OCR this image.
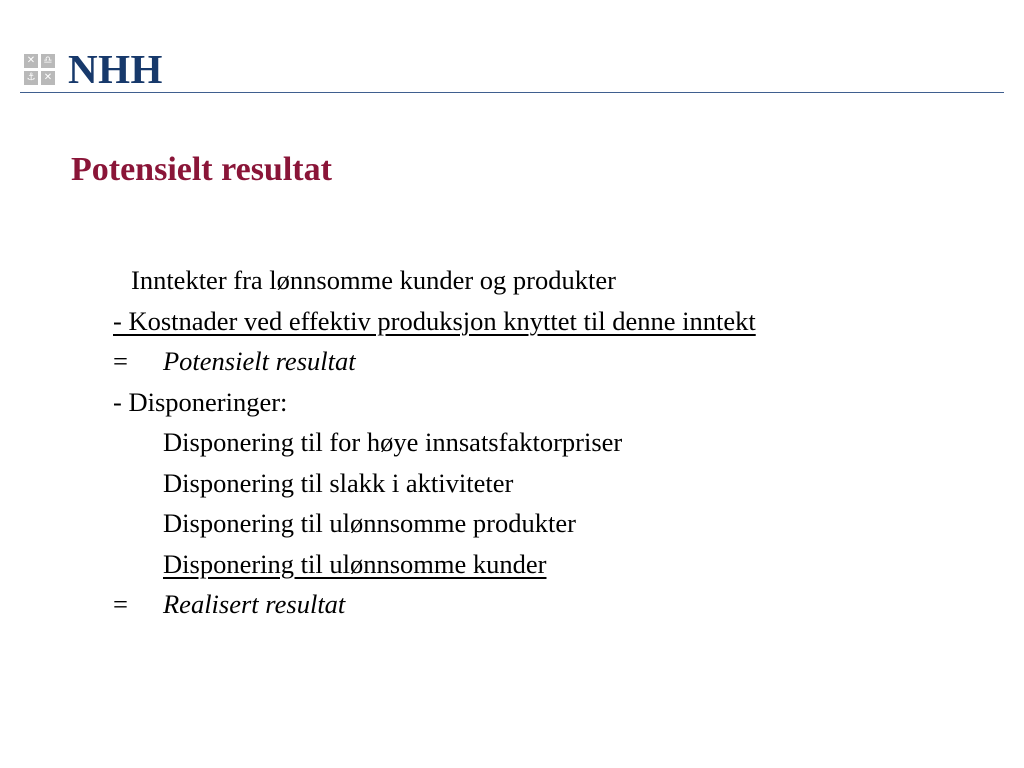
✕ ♎
⚓ ✕ NHH
Potensielt resultat
Inntekter fra lønnsomme kunder og produkter
- Kostnader ved effektiv produksjon knyttet til denne inntekt
= Potensielt resultat
- Disponeringer:
Disponering til for høye innsatsfaktorpriser
Disponering til slakk i aktiviteter
Disponering til ulønnsomme produkter
Disponering til ulønnsomme kunder
= Realisert resultat
